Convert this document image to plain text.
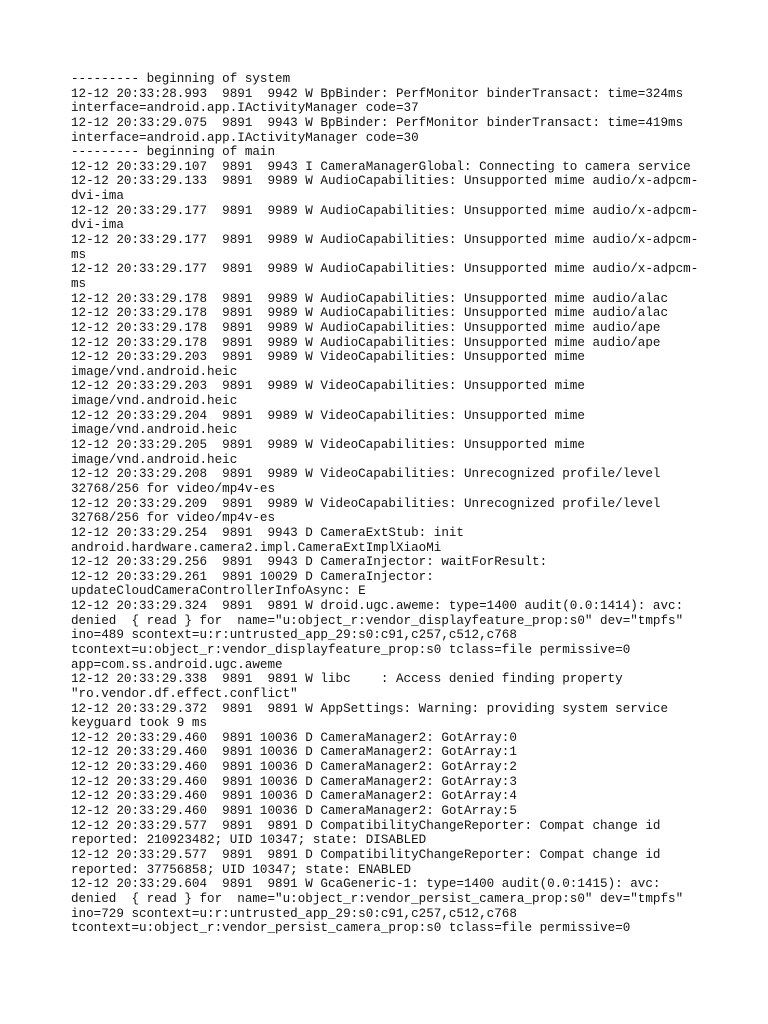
--------- beginning of system
12-12 20:33:28.993  9891  9942 W BpBinder: PerfMonitor binderTransact: time=324ms
interface=android.app.IActivityManager code=37
12-12 20:33:29.075  9891  9943 W BpBinder: PerfMonitor binderTransact: time=419ms
interface=android.app.IActivityManager code=30
--------- beginning of main
12-12 20:33:29.107  9891  9943 I CameraManagerGlobal: Connecting to camera service
12-12 20:33:29.133  9891  9989 W AudioCapabilities: Unsupported mime audio/x-adpcm-
dvi-ima
12-12 20:33:29.177  9891  9989 W AudioCapabilities: Unsupported mime audio/x-adpcm-
dvi-ima
12-12 20:33:29.177  9891  9989 W AudioCapabilities: Unsupported mime audio/x-adpcm-
ms
12-12 20:33:29.177  9891  9989 W AudioCapabilities: Unsupported mime audio/x-adpcm-
ms
12-12 20:33:29.178  9891  9989 W AudioCapabilities: Unsupported mime audio/alac
12-12 20:33:29.178  9891  9989 W AudioCapabilities: Unsupported mime audio/alac
12-12 20:33:29.178  9891  9989 W AudioCapabilities: Unsupported mime audio/ape
12-12 20:33:29.178  9891  9989 W AudioCapabilities: Unsupported mime audio/ape
12-12 20:33:29.203  9891  9989 W VideoCapabilities: Unsupported mime
image/vnd.android.heic
12-12 20:33:29.203  9891  9989 W VideoCapabilities: Unsupported mime
image/vnd.android.heic
12-12 20:33:29.204  9891  9989 W VideoCapabilities: Unsupported mime
image/vnd.android.heic
12-12 20:33:29.205  9891  9989 W VideoCapabilities: Unsupported mime
image/vnd.android.heic
12-12 20:33:29.208  9891  9989 W VideoCapabilities: Unrecognized profile/level
32768/256 for video/mp4v-es
12-12 20:33:29.209  9891  9989 W VideoCapabilities: Unrecognized profile/level
32768/256 for video/mp4v-es
12-12 20:33:29.254  9891  9943 D CameraExtStub: init
android.hardware.camera2.impl.CameraExtImplXiaoMi
12-12 20:33:29.256  9891  9943 D CameraInjector: waitForResult:
12-12 20:33:29.261  9891 10029 D CameraInjector:
updateCloudCameraControllerInfoAsync: E
12-12 20:33:29.324  9891  9891 W droid.ugc.aweme: type=1400 audit(0.0:1414): avc:
denied  { read } for  name="u:object_r:vendor_displayfeature_prop:s0" dev="tmpfs"
ino=489 scontext=u:r:untrusted_app_29:s0:c91,c257,c512,c768
tcontext=u:object_r:vendor_displayfeature_prop:s0 tclass=file permissive=0
app=com.ss.android.ugc.aweme
12-12 20:33:29.338  9891  9891 W libc    : Access denied finding property
"ro.vendor.df.effect.conflict"
12-12 20:33:29.372  9891  9891 W AppSettings: Warning: providing system service
keyguard took 9 ms
12-12 20:33:29.460  9891 10036 D CameraManager2: GotArray:0
12-12 20:33:29.460  9891 10036 D CameraManager2: GotArray:1
12-12 20:33:29.460  9891 10036 D CameraManager2: GotArray:2
12-12 20:33:29.460  9891 10036 D CameraManager2: GotArray:3
12-12 20:33:29.460  9891 10036 D CameraManager2: GotArray:4
12-12 20:33:29.460  9891 10036 D CameraManager2: GotArray:5
12-12 20:33:29.577  9891  9891 D CompatibilityChangeReporter: Compat change id
reported: 210923482; UID 10347; state: DISABLED
12-12 20:33:29.577  9891  9891 D CompatibilityChangeReporter: Compat change id
reported: 37756858; UID 10347; state: ENABLED
12-12 20:33:29.604  9891  9891 W GcaGeneric-1: type=1400 audit(0.0:1415): avc:
denied  { read } for  name="u:object_r:vendor_persist_camera_prop:s0" dev="tmpfs"
ino=729 scontext=u:r:untrusted_app_29:s0:c91,c257,c512,c768
tcontext=u:object_r:vendor_persist_camera_prop:s0 tclass=file permissive=0
